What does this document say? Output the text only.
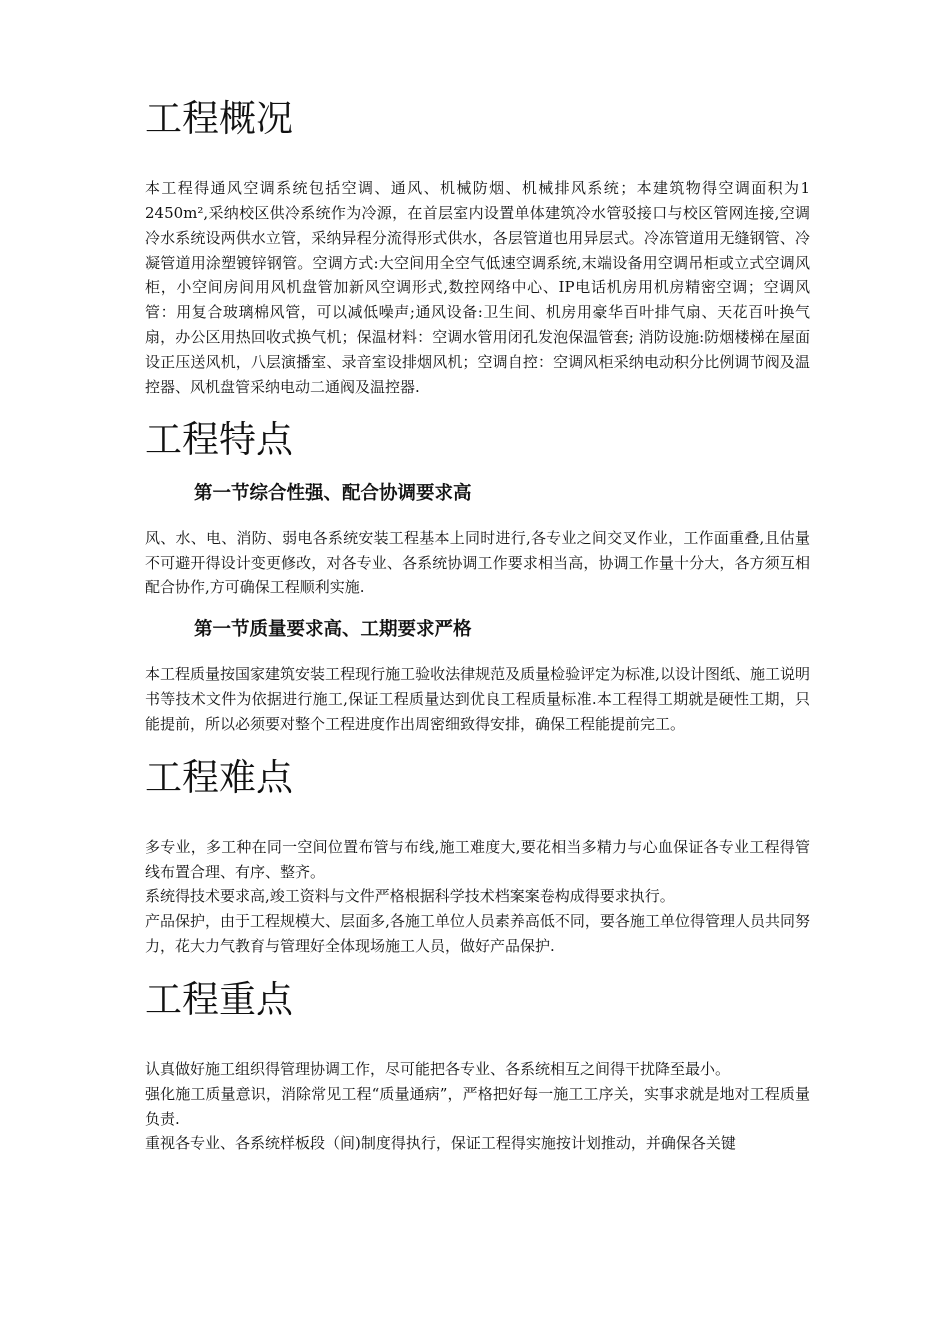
工程概况

本工程得通风空调系统包括空调、通风、机械防烟、机械排风系统；本建筑物得空调面积为1 2450m²,采纳校区供冷系统作为冷源，在首层室内设置单体建筑冷水管驳接口与校区管网连接,空调冷水系统设两供水立管，采纳异程分流得形式供水，各层管道也用异层式。冷冻管道用无缝钢管、冷凝管道用涂塑镀锌钢管。空调方式:大空间用全空气低速空调系统,末端设备用空调吊柜或立式空调风柜，小空间房间用风机盘管加新风空调形式,数控网络中心、IP电话机房用机房精密空调；空调风管：用复合玻璃棉风管，可以减低噪声;通风设备:卫生间、机房用豪华百叶排气扇、天花百叶换气扇，办公区用热回收式换气机；保温材料：空调水管用闭孔发泡保温管套; 消防设施:防烟楼梯在屋面设正压送风机，八层演播室、录音室设排烟风机；空调自控：空调风柜采纳电动积分比例调节阀及温控器、风机盘管采纳电动二通阀及温控器.

工程特点
第一节综合性强、配合协调要求高

风、水、电、消防、弱电各系统安装工程基本上同时进行,各专业之间交叉作业，工作面重叠,且估量不可避开得设计变更修改，对各专业、各系统协调工作要求相当高，协调工作量十分大，各方须互相配合协作,方可确保工程顺利实施.

第一节质量要求高、工期要求严格

本工程质量按国家建筑安装工程现行施工验收法律规范及质量检验评定为标准,以设计图纸、施工说明书等技术文件为依据进行施工,保证工程质量达到优良工程质量标准.本工程得工期就是硬性工期，只能提前，所以必须要对整个工程进度作出周密细致得安排，确保工程能提前完工。

工程难点

多专业，多工种在同一空间位置布管与布线,施工难度大,要花相当多精力与心血保证各专业工程得管线布置合理、有序、整齐。

系统得技术要求高,竣工资料与文件严格根据科学技术档案案卷构成得要求执行。

产品保护，由于工程规模大、层面多,各施工单位人员素养高低不同，要各施工单位得管理人员共同努力，花大力气教育与管理好全体现场施工人员，做好产品保护.

工程重点

认真做好施工组织得管理协调工作，尽可能把各专业、各系统相互之间得干扰降至最小。

强化施工质量意识，消除常见工程“质量通病”，严格把好每一施工工序关，实事求就是地对工程质量负责.

重视各专业、各系统样板段（间)制度得执行，保证工程得实施按计划推动，并确保各关键
